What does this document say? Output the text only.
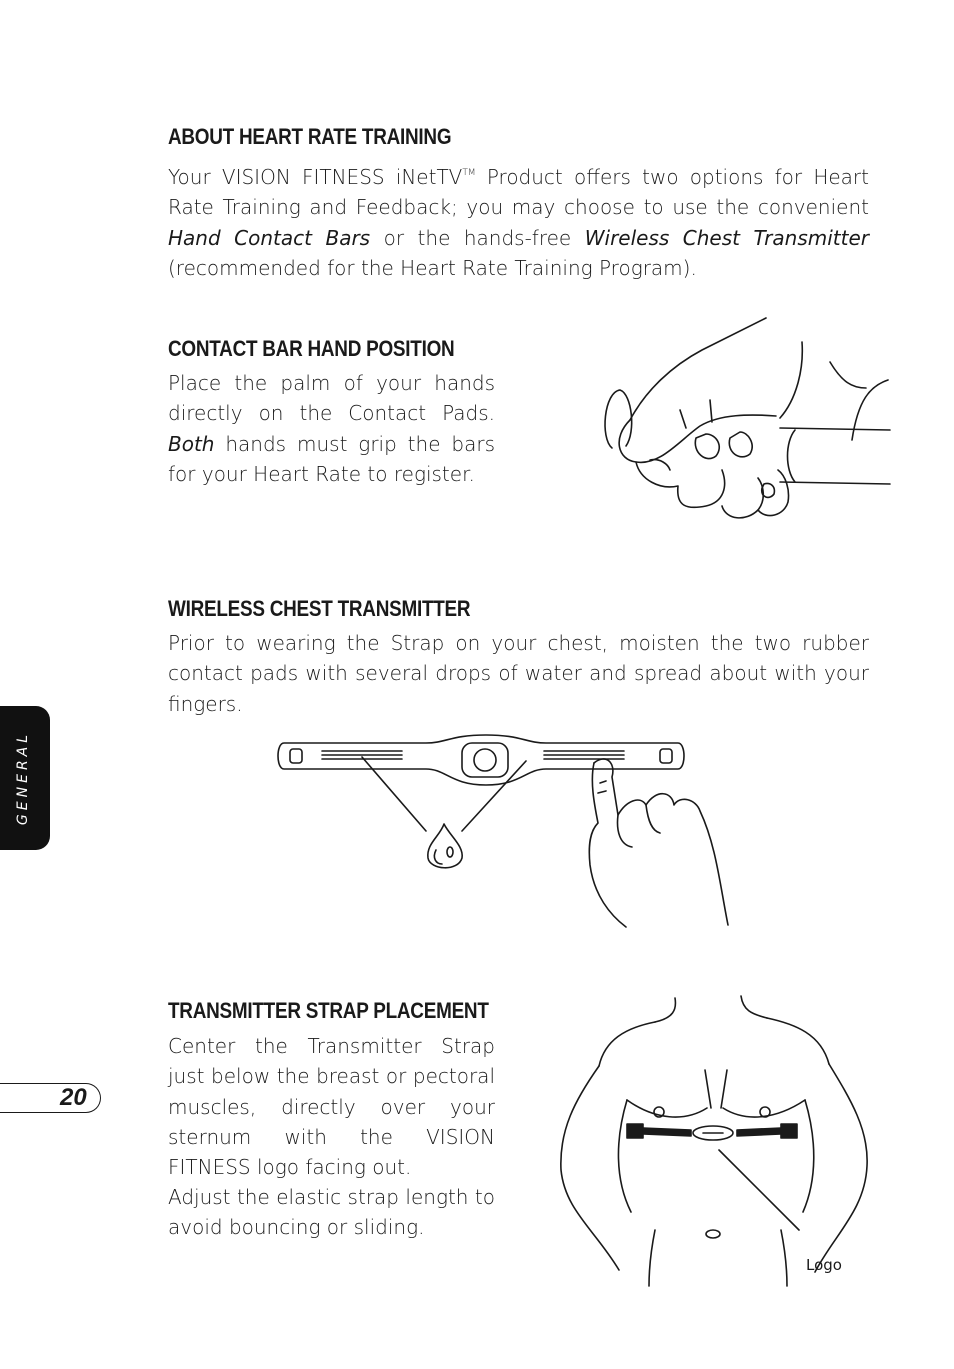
ABOUT HEART RATE TRAINING

Your VISION FITNESS iNetTV™ Product offers two options for Heart Rate Training and Feedback; you may choose to use the convenient Hand Contact Bars or the hands-free Wireless Chest Transmitter (recommended for the Heart Rate Training Program).

CONTACT BAR HAND POSITION

Place the palm of your hands directly on the Contact Pads. Both hands must grip the bars for your Heart Rate to register.

WIRELESS CHEST TRANSMITTER

Prior to wearing the Strap on your chest, moisten the two rubber contact pads with several drops of water and spread about with your fingers.

TRANSMITTER STRAP PLACEMENT

Center the Transmitter Strap just below the breast or pectoral muscles, directly over your sternum with the VISION FITNESS logo facing out.

Adjust the elastic strap length to avoid bouncing or sliding.

Logo
GENERAL
20
